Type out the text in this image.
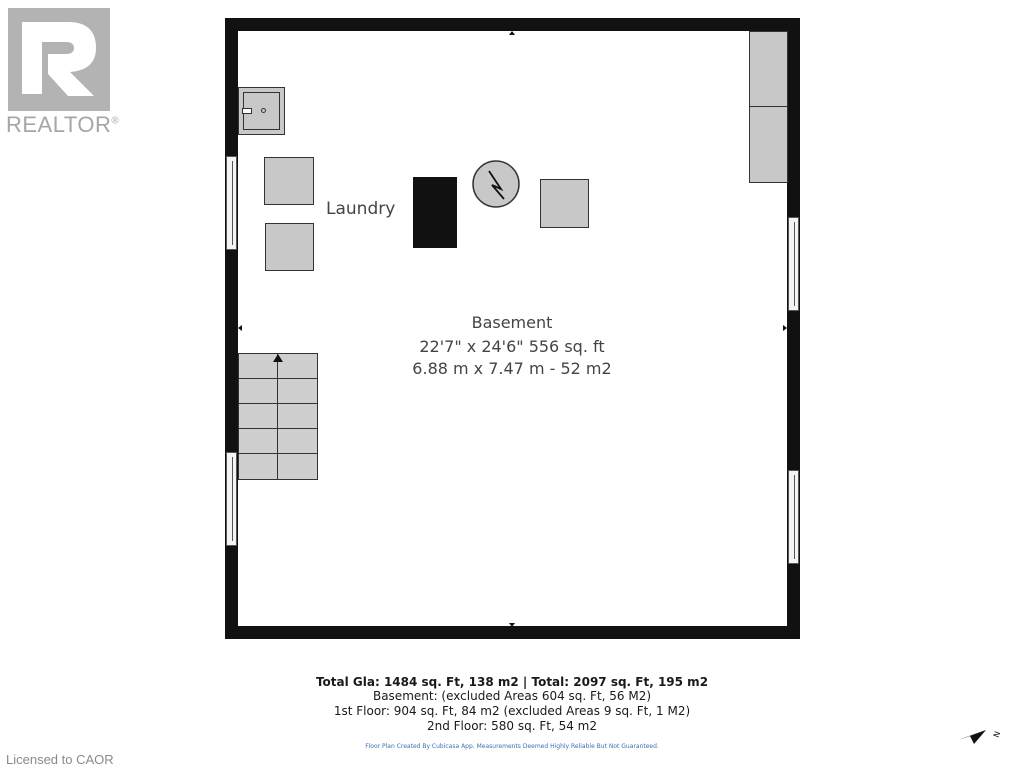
REALTOR®
Laundry
Basement
22'7" x 24'6" 556 sq. ft
6.88 m x 7.47 m - 52 m2
Total Gla: 1484 sq. Ft, 138 m2 | Total: 2097 sq. Ft, 195 m2
Basement: (excluded Areas 604 sq. Ft, 56 M2)
1st Floor: 904 sq. Ft, 84 m2 (excluded Areas 9 sq. Ft, 1 M2)
2nd Floor: 580 sq. Ft, 54 m2
Floor Plan Created By Cubicasa App. Measurements Deemed Highly Reliable But Not Guaranteed.
N
Licensed to CAOR
